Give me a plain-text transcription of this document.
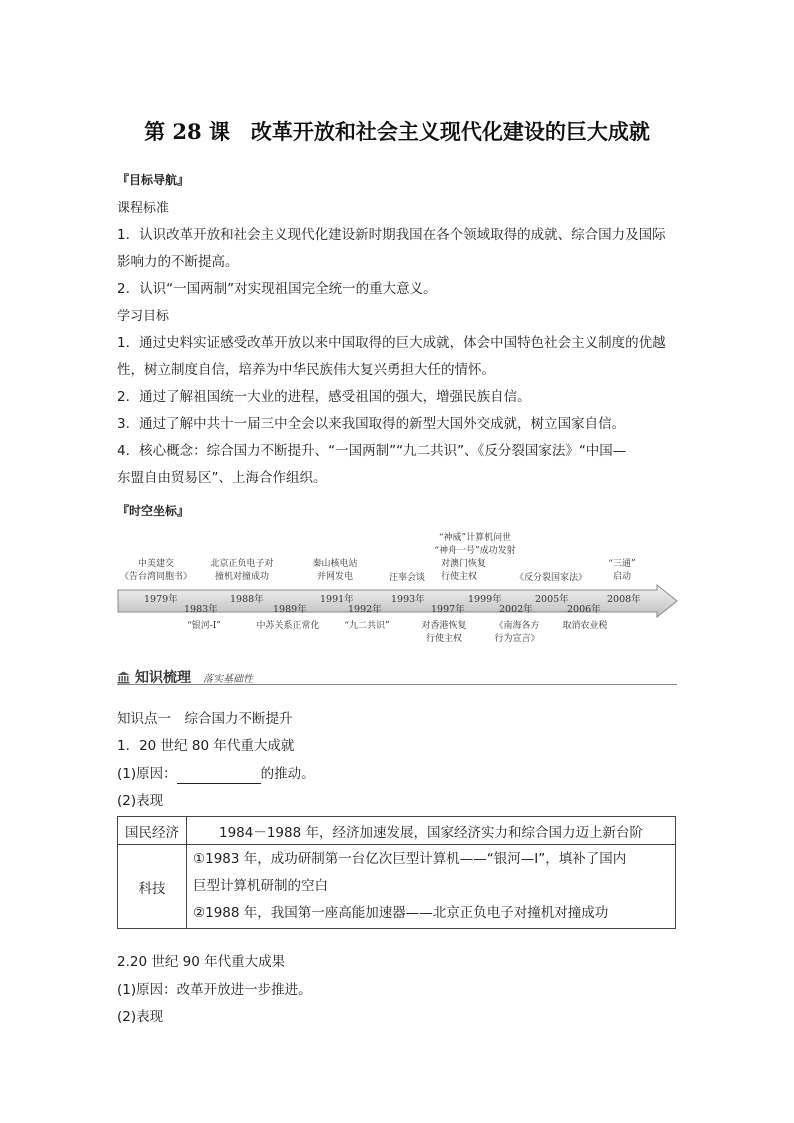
第 28 课　改革开放和社会主义现代化建设的巨大成就
『目标导航』
课程标准
1．认识改革开放和社会主义现代化建设新时期我国在各个领域取得的成就、综合国力及国际
影响力的不断提高。
2．认识“一国两制”对实现祖国完全统一的重大意义。
学习目标
1．通过史料实证感受改革开放以来中国取得的巨大成就，体会中国特色社会主义制度的优越
性，树立制度自信，培养为中华民族伟大复兴勇担大任的情怀。
2．通过了解祖国统一大业的进程，感受祖国的强大，增强民族自信。
3．通过了解中共十一届三中全会以来我国取得的新型大国外交成就，树立国家自信。
4．核心概念：综合国力不断提升、“一国两制”“九二共识”、《反分裂国家法》“中国—
东盟自由贸易区”、上海合作组织。
『时空坐标』
中美建交
《告台湾同胞书》
北京正负电子对
撞机对撞成功
秦山核电站
并网发电	汪辜会谈
“神威”计算机问世
“神舟一号”成功发射
对澳门恢复
行使主权	《反分裂国家法》
“三通”
启动
1979年	1988年	1991年	1993年	1999年	2005年	2008年
1983年	1989年	1992年	1997年	2002年	2006年
“银河-Ⅰ”	中苏关系正常化	“九二共识”	对香港恢复
行使主权
《南海各方
行为宣言》
取消农业税
知识梳理 落实基础性
知识点一　综合国力不断提升
1．20 世纪 80 年代重大成就
(1)原因：	的推动。
(2)表现
国民经济	1984－1988 年，经济加速发展，国家经济实力和综合国力迈上新台阶
科技	①1983 年，成功研制第一台亿次巨型计算机——“银河—Ⅰ”，填补了国内
巨型计算机研制的空白
②1988 年，我国第一座高能加速器——北京正负电子对撞机对撞成功
2.20 世纪 90 年代重大成果
(1)原因：改革开放进一步推进。
(2)表现
